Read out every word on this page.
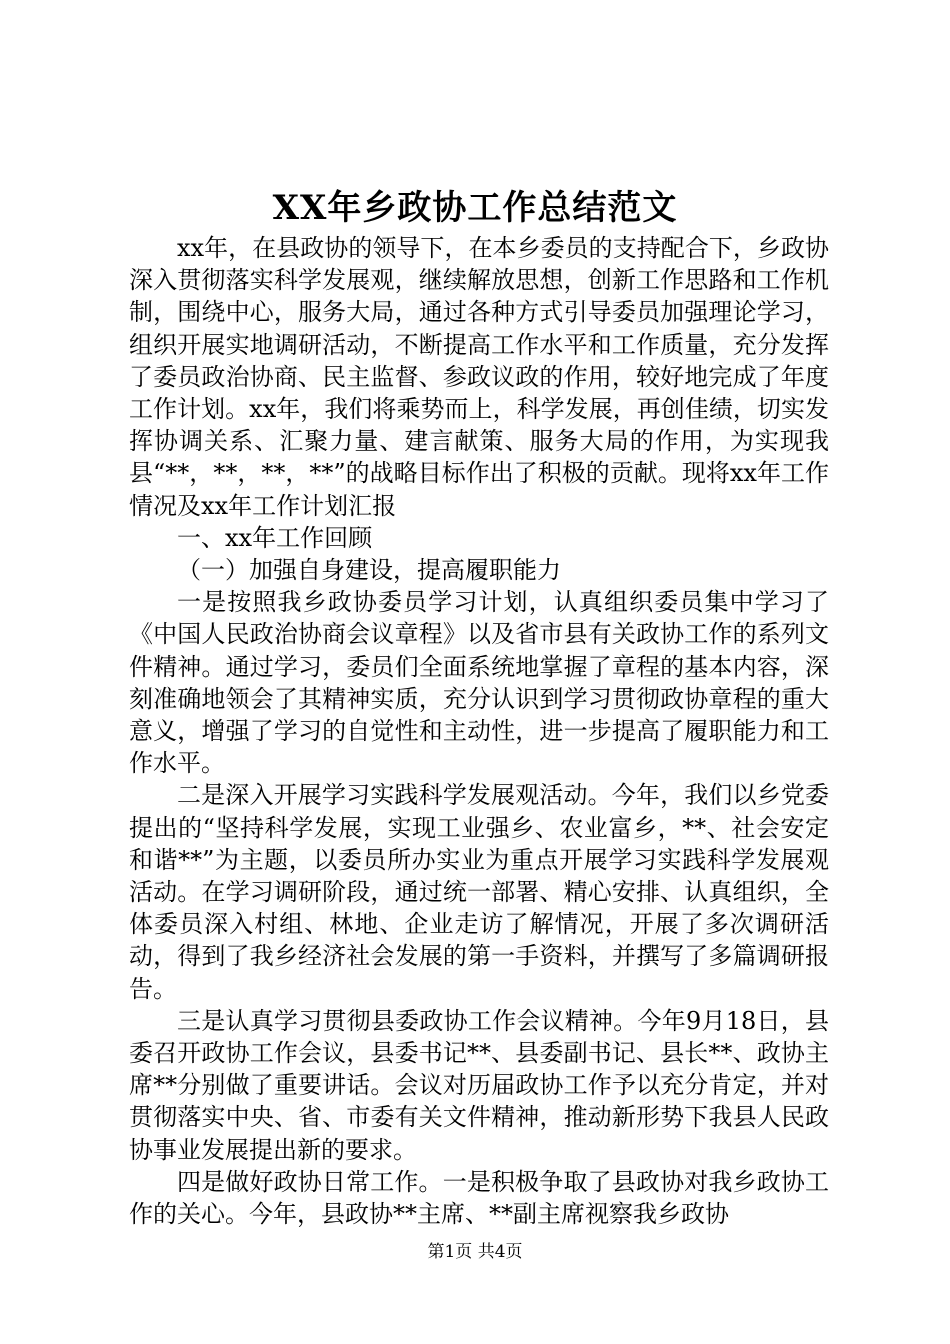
XX年乡政协工作总结范文

xx年，在县政协的领导下，在本乡委员的支持配合下，乡政协深入贯彻落实科学发展观，继续解放思想，创新工作思路和工作机制，围绕中心，服务大局，通过各种方式引导委员加强理论学习，组织开展实地调研活动，不断提高工作水平和工作质量，充分发挥了委员政治协商、民主监督、参政议政的作用，较好地完成了年度工作计划。xx年，我们将乘势而上，科学发展，再创佳绩，切实发挥协调关系、汇聚力量、建言献策、服务大局的作用，为实现我县“**，**，**，**”的战略目标作出了积极的贡献。现将xx年工作情况及xx年工作计划汇报

一、xx年工作回顾

（一）加强自身建设，提高履职能力

一是按照我乡政协委员学习计划，认真组织委员集中学习了《中国人民政治协商会议章程》以及省市县有关政协工作的系列文件精神。通过学习，委员们全面系统地掌握了章程的基本内容，深刻准确地领会了其精神实质，充分认识到学习贯彻政协章程的重大意义，增强了学习的自觉性和主动性，进一步提高了履职能力和工作水平。

二是深入开展学习实践科学发展观活动。今年，我们以乡党委提出的“坚持科学发展，实现工业强乡、农业富乡，**、社会安定和谐**”为主题，以委员所办实业为重点开展学习实践科学发展观活动。在学习调研阶段，通过统一部署、精心安排、认真组织，全体委员深入村组、林地、企业走访了解情况，开展了多次调研活动，得到了我乡经济社会发展的第一手资料，并撰写了多篇调研报告。

三是认真学习贯彻县委政协工作会议精神。今年9月18日，县委召开政协工作会议，县委书记**、县委副书记、县长**、政协主席**分别做了重要讲话。会议对历届政协工作予以充分肯定，并对贯彻落实中央、省、市委有关文件精神，推动新形势下我县人民政协事业发展提出新的要求。

四是做好政协日常工作。一是积极争取了县政协对我乡政协工作的关心。今年，县政协**主席、**副主席视察我乡政协

第1页 共4页
